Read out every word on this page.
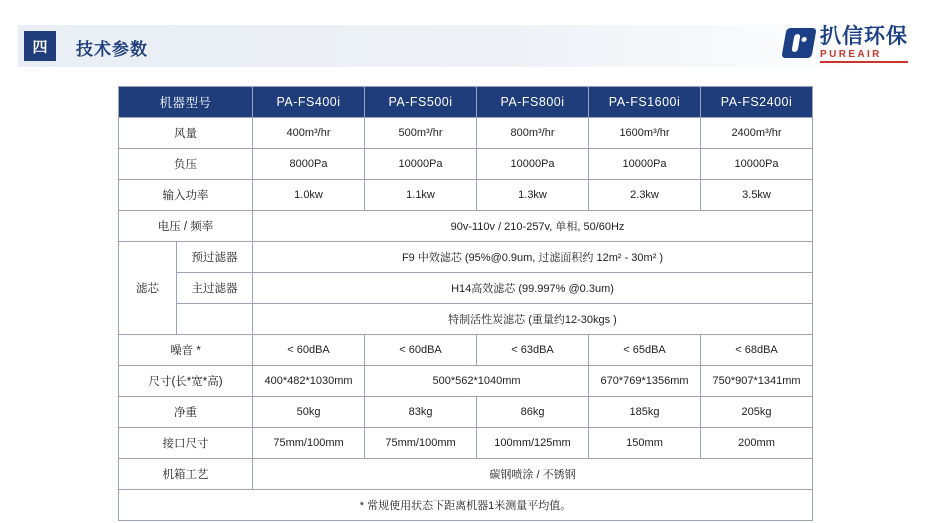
四	技术参数
扒信环保
PUREAIR
机器型号		PA-FS400i	PA-FS500i	PA-FS800i	PA-FS1600i	PA-FS2400i
风量		400m³/hr	500m³/hr	800m³/hr	1600m³/hr	2400m³/hr
负压		8000Pa	10000Pa	10000Pa	10000Pa	10000Pa
输入功率		1.0kw	1.1kw	1.3kw	2.3kw	3.5kw
电压 / 频率		90v-110v / 210-257v, 单相, 50/60Hz				
滤芯	预过滤器	F9 中效滤芯 (95%@0.9um, 过滤面积约 12m² - 30m² )				
	主过滤器	H14高效滤芯 (99.997% @0.3um)				
		特制活性炭滤芯 (重量约12-30kgs )				
噪音 *		< 60dBA	< 60dBA	< 63dBA	< 65dBA	< 68dBA
尺寸(长*宽*高)		400*482*1030mm	500*562*1040mm		670*769*1356mm	750*907*1341mm
净重		50kg	83kg	86kg	185kg	205kg
接口尺寸		75mm/100mm	75mm/100mm	100mm/125mm	150mm	200mm
机箱工艺		碳钢喷涂 / 不锈钢				
* 常规使用状态下距离机器1米测量平均值。						
